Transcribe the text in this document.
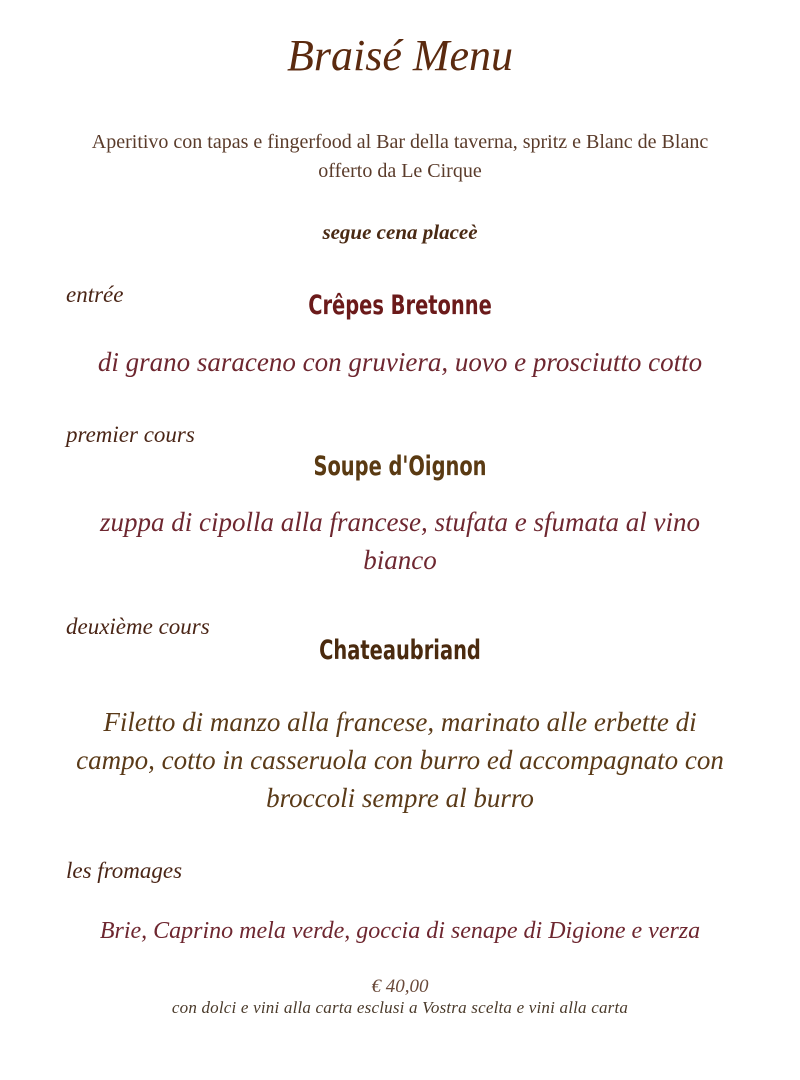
Braisé Menu
Aperitivo con tapas e fingerfood al Bar della taverna, spritz e Blanc de Blanc offerto da Le Cirque
segue cena placeè
entrée	Crêpes Bretonne
di grano saraceno con gruviera, uovo e prosciutto cotto
premier cours
Soupe d'Oignon
zuppa di cipolla alla francese, stufata e sfumata al vino bianco
deuxième cours
Chateaubriand
Filetto di manzo alla francese, marinato alle erbette di campo, cotto in casseruola con burro ed accompagnato con broccoli sempre al burro
les fromages
Brie, Caprino mela verde, goccia di senape di Digione e verza
€ 40,00
con dolci e vini alla carta esclusi a Vostra scelta e vini alla carta
